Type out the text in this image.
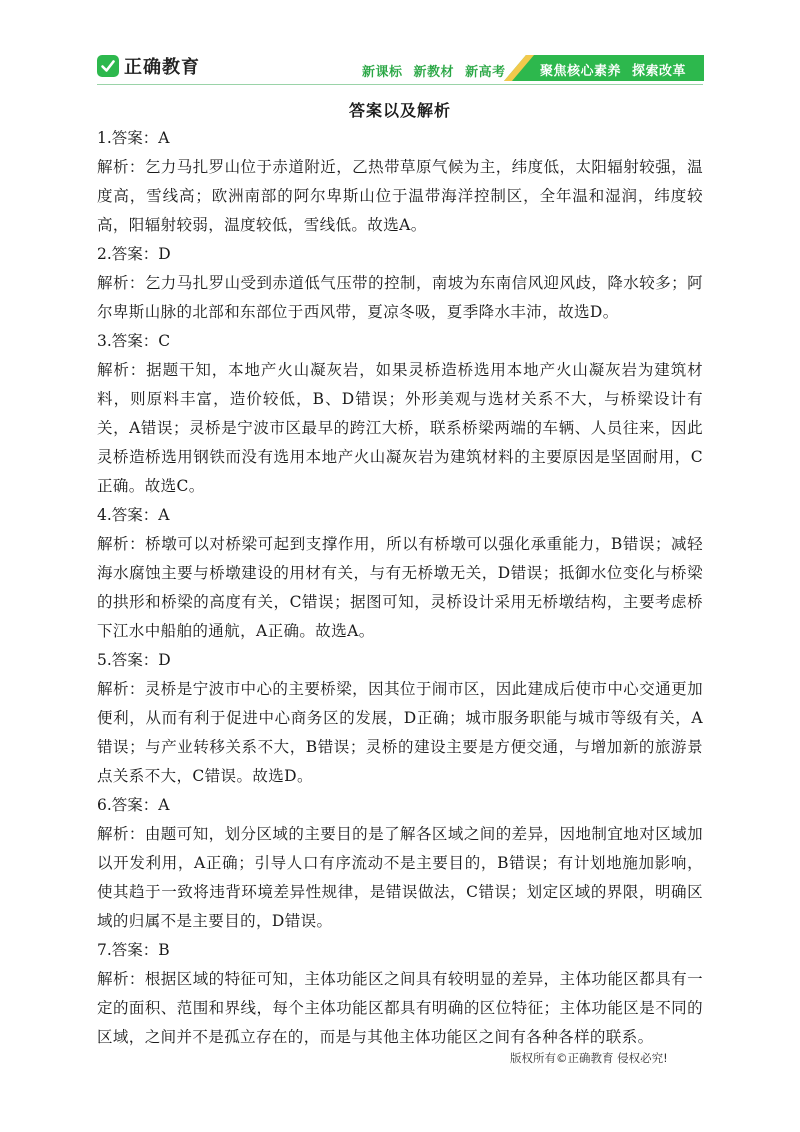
正确教育	新课标 新教材 新高考	聚焦核心素养 探索改革
答案以及解析
1.答案：A
解析：乞力马扎罗山位于赤道附近，乙热带草原气候为主，纬度低，太阳辐射较强，温度高，雪线高；欧洲南部的阿尔卑斯山位于温带海洋控制区，全年温和湿润，纬度较高，阳辐射较弱，温度较低，雪线低。故选A。
2.答案：D
解析：乞力马扎罗山受到赤道低气压带的控制，南坡为东南信风迎风歧，降水较多；阿尔卑斯山脉的北部和东部位于西风带，夏凉冬吸，夏季降水丰沛，故选D。
3.答案：C
解析：据题干知，本地产火山凝灰岩，如果灵桥造桥选用本地产火山凝灰岩为建筑材料，则原料丰富，造价较低，B、D错误；外形美观与选材关系不大，与桥梁设计有关，A错误；灵桥是宁波市区最早的跨江大桥，联系桥梁两端的车辆、人员往来，因此灵桥造桥选用钢铁而没有选用本地产火山凝灰岩为建筑材料的主要原因是坚固耐用，C正确。故选C。
4.答案：A
解析：桥墩可以对桥梁可起到支撑作用，所以有桥墩可以强化承重能力，B错误；减轻海水腐蚀主要与桥墩建设的用材有关，与有无桥墩无关，D错误；抵御水位变化与桥梁的拱形和桥梁的高度有关，C错误；据图可知，灵桥设计采用无桥墩结构，主要考虑桥下江水中船舶的通航，A正确。故选A。
5.答案：D
解析：灵桥是宁波市中心的主要桥梁，因其位于闹市区，因此建成后使市中心交通更加便利，从而有利于促进中心商务区的发展，D正确；城市服务职能与城市等级有关，A错误；与产业转移关系不大，B错误；灵桥的建设主要是方便交通，与增加新的旅游景点关系不大，C错误。故选D。
6.答案：A
解析：由题可知，划分区域的主要目的是了解各区域之间的差异，因地制宜地对区域加以开发利用，A正确；引导人口有序流动不是主要目的，B错误；有计划地施加影响，使其趋于一致将违背环境差异性规律，是错误做法，C错误；划定区域的界限，明确区域的归属不是主要目的，D错误。
7.答案：B
解析：根据区域的特征可知，主体功能区之间具有较明显的差异，主体功能区都具有一定的面积、范围和界线，每个主体功能区都具有明确的区位特征；主体功能区是不同的区域，之间并不是孤立存在的，而是与其他主体功能区之间有各种各样的联系。
版权所有©正确教育 侵权必究!
